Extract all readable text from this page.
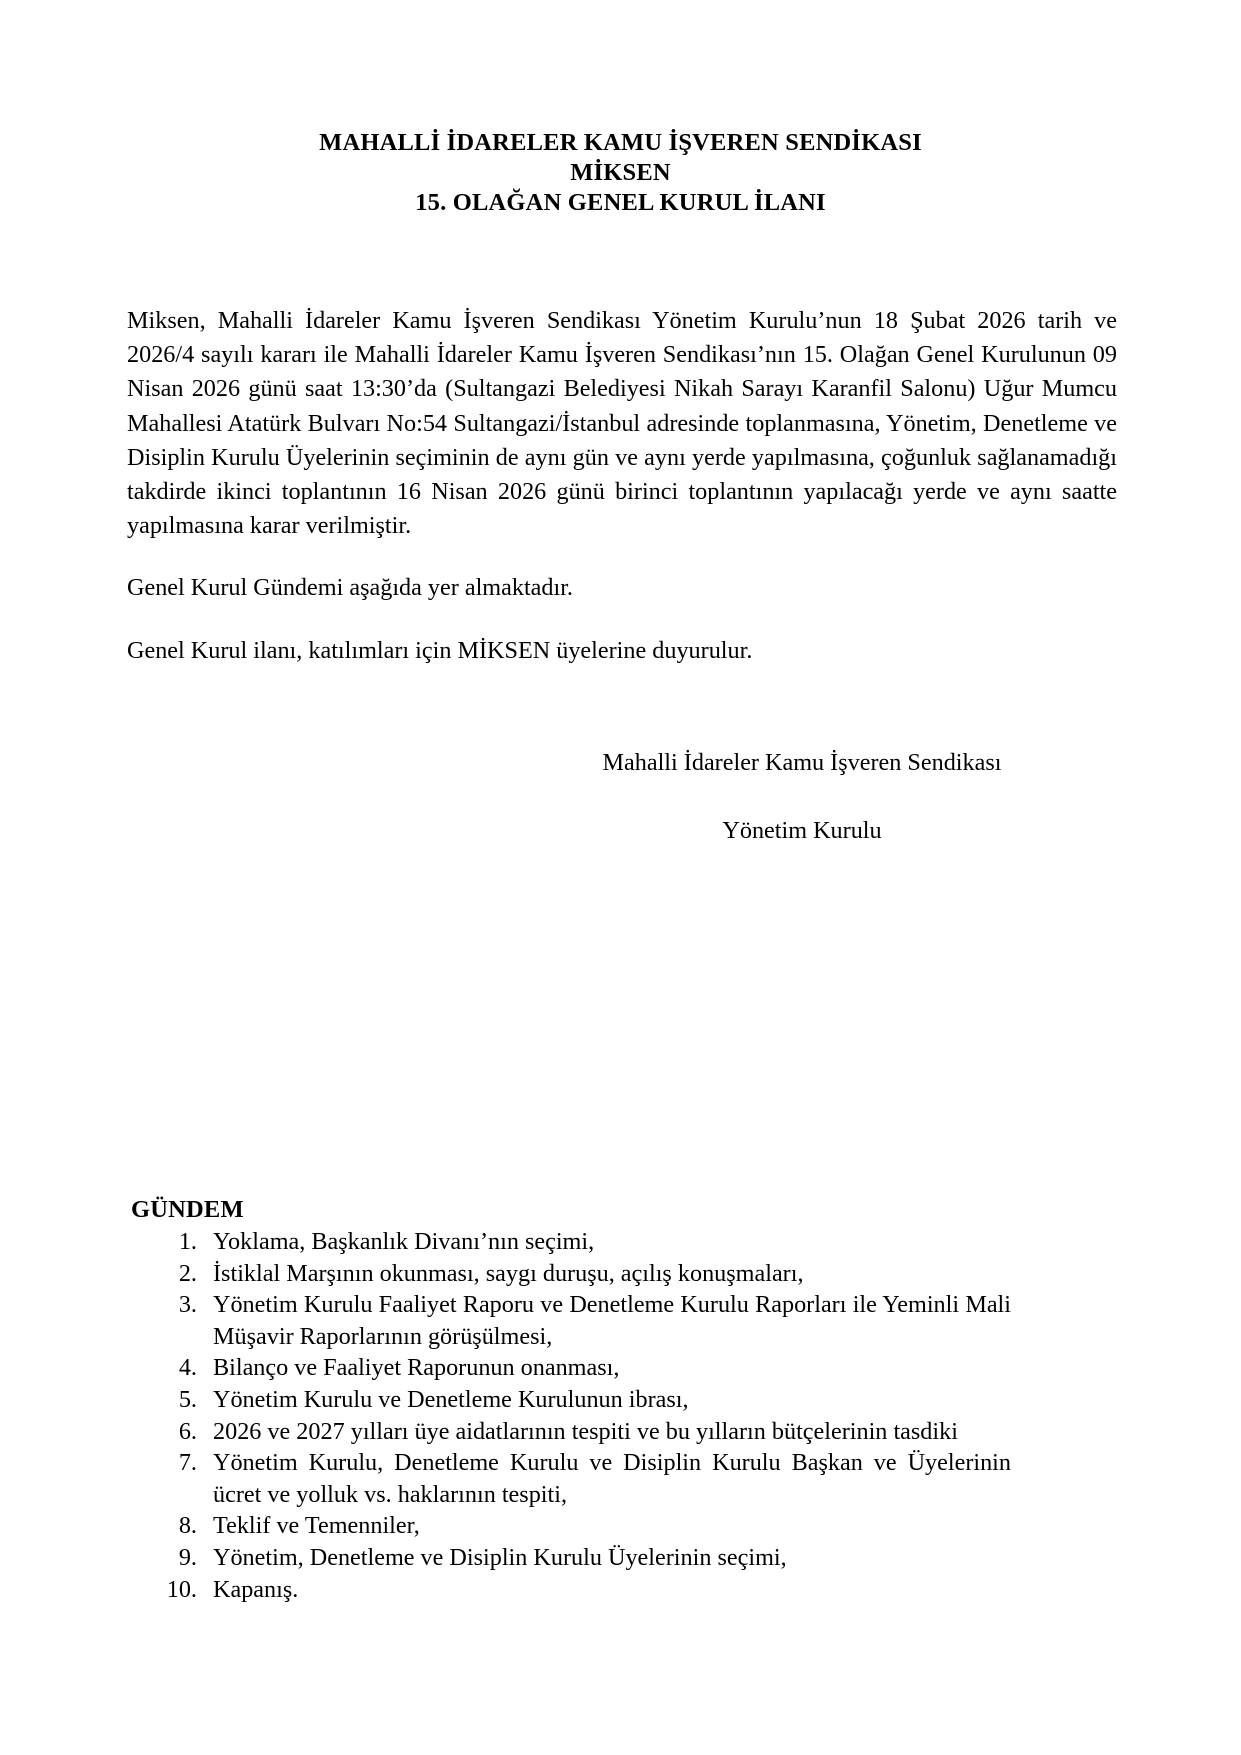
MAHALLİ İDARELER KAMU İŞVEREN SENDİKASI
MİKSEN
15. OLAĞAN GENEL KURUL İLANI

Miksen, Mahalli İdareler Kamu İşveren Sendikası Yönetim Kurulu’nun 18 Şubat 2026 tarih ve 2026/4 sayılı kararı ile Mahalli İdareler Kamu İşveren Sendikası’nın 15. Olağan Genel Kurulunun 09 Nisan 2026 günü saat 13:30’da (Sultangazi Belediyesi Nikah Sarayı Karanfil Salonu) Uğur Mumcu Mahallesi Atatürk Bulvarı No:54 Sultangazi/İstanbul adresinde toplanmasına, Yönetim, Denetleme ve Disiplin Kurulu Üyelerinin seçiminin de aynı gün ve aynı yerde yapılmasına, çoğunluk sağlanamadığı takdirde ikinci toplantının 16 Nisan 2026 günü birinci toplantının yapılacağı yerde ve aynı saatte yapılmasına karar verilmiştir.

Genel Kurul Gündemi aşağıda yer almaktadır.

Genel Kurul ilanı, katılımları için MİKSEN üyelerine duyurulur.

Mahalli İdareler Kamu İşveren Sendikası
Yönetim Kurulu
GÜNDEM
1. Yoklama, Başkanlık Divanı’nın seçimi,
2. İstiklal Marşının okunması, saygı duruşu, açılış konuşmaları,
3. Yönetim Kurulu Faaliyet Raporu ve Denetleme Kurulu Raporları ile Yeminli Mali Müşavir Raporlarının görüşülmesi,
4. Bilanço ve Faaliyet Raporunun onanması,
5. Yönetim Kurulu ve Denetleme Kurulunun ibrası,
6. 2026 ve 2027 yılları üye aidatlarının tespiti ve bu yılların bütçelerinin tasdiki
7. Yönetim Kurulu, Denetleme Kurulu ve Disiplin Kurulu Başkan ve Üyelerinin ücret ve yolluk vs. haklarının tespiti,
8. Teklif ve Temenniler,
9. Yönetim, Denetleme ve Disiplin Kurulu Üyelerinin seçimi,
10. Kapanış.
